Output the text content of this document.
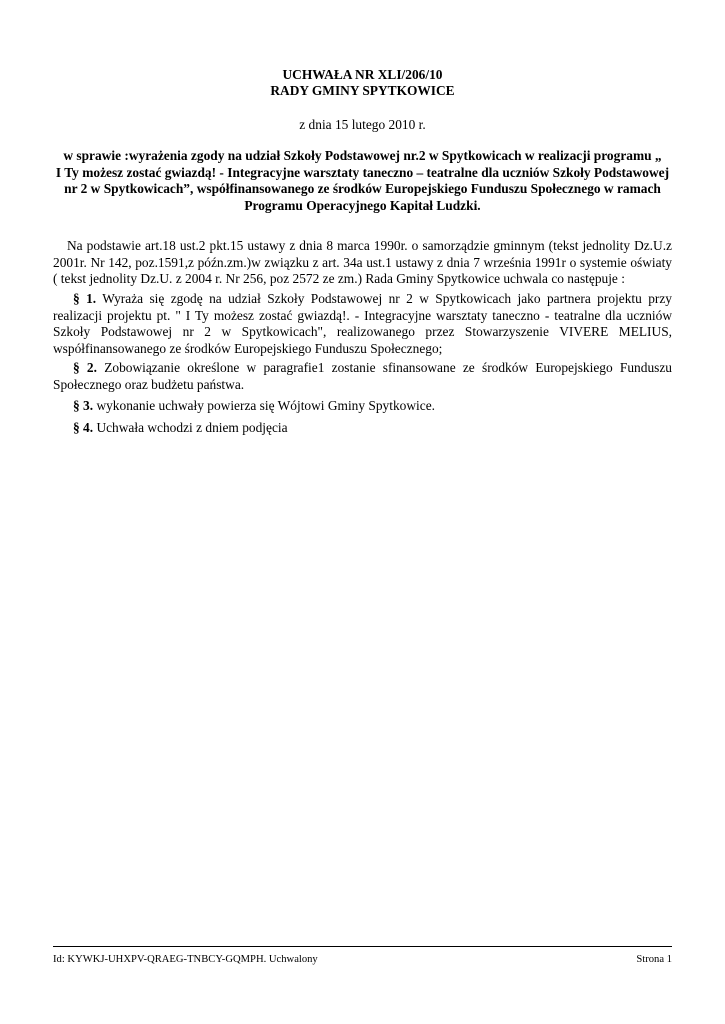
UCHWAŁA NR XLI/206/10
RADY GMINY SPYTKOWICE
z dnia 15 lutego 2010 r.
w sprawie :wyrażenia zgody na udział Szkoły Podstawowej nr.2 w Spytkowicach w realizacji programu „
I Ty możesz zostać gwiazdą! - Integracyjne warsztaty taneczno – teatralne dla uczniów Szkoły Podstawowej
nr 2 w Spytkowicach”, współfinansowanego ze środków Europejskiego Funduszu Społecznego w ramach
Programu Operacyjnego Kapitał Ludzki.
Na podstawie art.18 ust.2 pkt.15 ustawy z dnia 8 marca 1990r. o samorządzie gminnym (tekst jednolity Dz.U.z
2001r. Nr 142, poz.1591,z późn.zm.)w związku z art. 34a ust.1 ustawy z dnia 7 września 1991r o systemie oświaty
( tekst jednolity Dz.U. z 2004 r. Nr 256, poz 2572 ze zm.) Rada Gminy Spytkowice uchwala co następuje :
§ 1. Wyraża się zgodę na udział Szkoły Podstawowej nr 2 w Spytkowicach jako partnera projektu przy
realizacji projektu pt. " I Ty możesz zostać gwiazdą!. - Integracyjne warsztaty taneczno - teatralne dla uczniów
Szkoły Podstawowej nr 2 w Spytkowicach", realizowanego przez Stowarzyszenie VIVERE MELIUS,
współfinansowanego ze środków Europejskiego Funduszu Społecznego;
§ 2. Zobowiązanie określone w paragrafie1 zostanie sfinansowane ze środków Europejskiego Funduszu
Społecznego oraz budżetu państwa.
§ 3. wykonanie uchwały powierza się Wójtowi Gminy Spytkowice.
§ 4. Uchwała wchodzi z dniem podjęcia
Id: KYWKJ-UHXPV-QRAEG-TNBCY-GQMPH. Uchwalony	Strona 1
